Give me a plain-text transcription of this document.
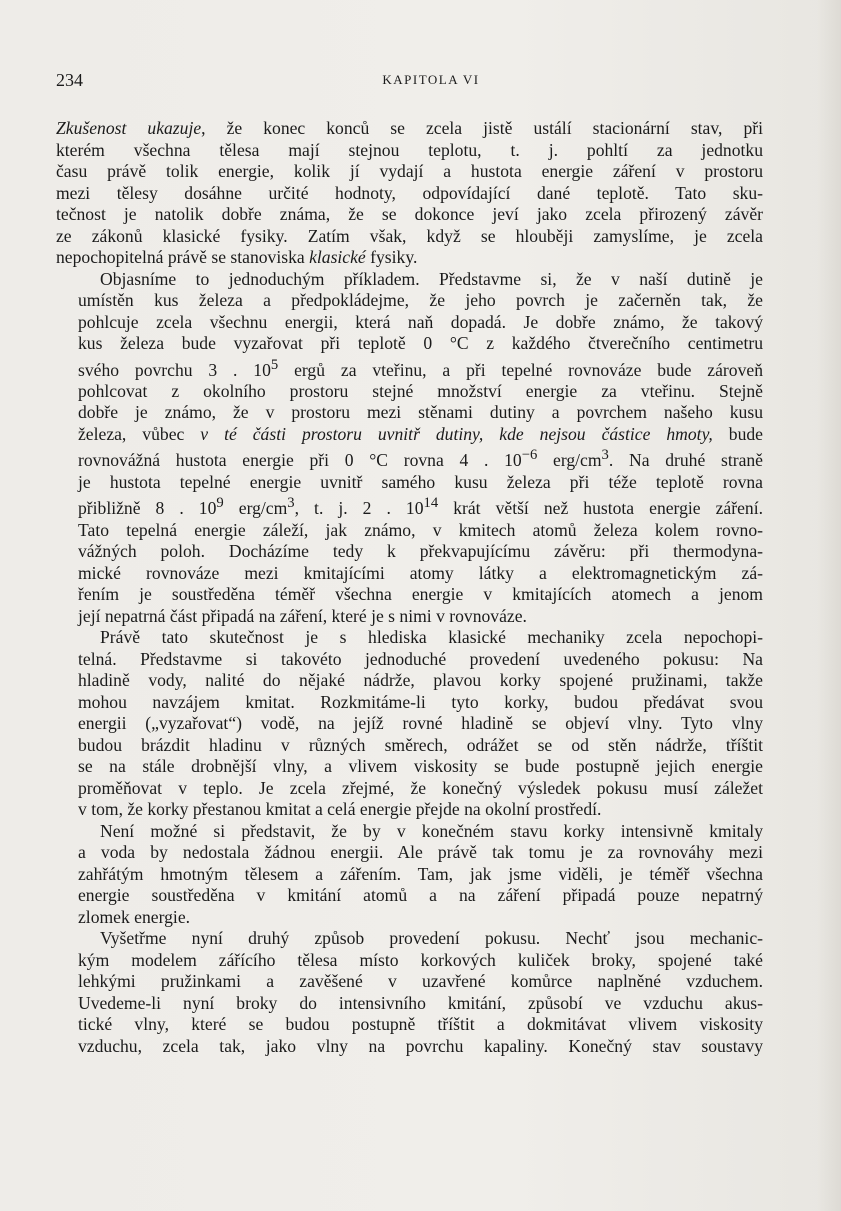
234	KAPITOLA VI

Zkušenost ukazuje, že konec konců se zcela jistě ustálí stacionární stav, při
kterém všechna tělesa mají stejnou teplotu, t. j. pohltí za jednotku
času právě tolik energie, kolik jí vydají a hustota energie záření v prostoru
mezi tělesy dosáhne určité hodnoty, odpovídající dané teplotě. Tato sku-
tečnost je natolik dobře známa, že se dokonce jeví jako zcela přirozený závěr
ze zákonů klasické fysiky. Zatím však, když se hlouběji zamyslíme, je zcela
nepochopitelná právě se stanoviska klasické fysiky.

Objasníme to jednoduchým příkladem. Představme si, že v naší dutině je
umístěn kus železa a předpokládejme, že jeho povrch je začerněn tak, že
pohlcuje zcela všechnu energii, která naň dopadá. Je dobře známo, že takový
kus železa bude vyzařovat při teplotě 0 °C z každého čtverečního centimetru
svého povrchu 3 . $10^5$ ergů za vteřinu, a při tepelné rovnováze bude zároveň
pohlcovat z okolního prostoru stejné množství energie za vteřinu. Stejně
dobře je známo, že v prostoru mezi stěnami dutiny a povrchem našeho kusu
železa, vůbec v té části prostoru uvnitř dutiny, kde nejsou částice hmoty, bude
rovnovážná hustota energie při 0 °C rovna 4 . $10^{-6}$ erg/$cm^3$. Na druhé straně
je hustota tepelné energie uvnitř samého kusu železa při téže teplotě rovna
přibližně 8 . $10^9$ erg/$cm^3$, t. j. 2 . $10^{14}$ krát větší než hustota energie záření.
Tato tepelná energie záleží, jak známo, v kmitech atomů železa kolem rovno-
vážných poloh. Docházíme tedy k překvapujícímu závěru: při thermodyna-
mické rovnováze mezi kmitajícími atomy látky a elektromagnetickým zá-
řením je soustředěna téměř všechna energie v kmitajících atomech a jenom
její nepatrná část připadá na záření, které je s nimi v rovnováze.

Právě tato skutečnost je s hlediska klasické mechaniky zcela nepochopi-
telná. Představme si takovéto jednoduché provedení uvedeného pokusu: Na
hladině vody, nalité do nějaké nádrže, plavou korky spojené pružinami, takže
mohou navzájem kmitat. Rozkmitáme-li tyto korky, budou předávat svou
energii („vyzařovat“) vodě, na jejíž rovné hladině se objeví vlny. Tyto vlny
budou brázdit hladinu v různých směrech, odrážet se od stěn nádrže, tříštit
se na stále drobnější vlny, a vlivem viskosity se bude postupně jejich energie
proměňovat v teplo. Je zcela zřejmé, že konečný výsledek pokusu musí záležet
v tom, že korky přestanou kmitat a celá energie přejde na okolní prostředí.

Není možné si představit, že by v konečném stavu korky intensivně kmitaly
a voda by nedostala žádnou energii. Ale právě tak tomu je za rovnováhy mezi
zahřátým hmotným tělesem a zářením. Tam, jak jsme viděli, je téměř všechna
energie soustředěna v kmitání atomů a na záření připadá pouze nepatrný
zlomek energie.

Vyšetřme nyní druhý způsob provedení pokusu. Nechť jsou mechanic-
kým modelem zářícího tělesa místo korkových kuliček broky, spojené také
lehkými pružinkami a zavěšené v uzavřené komůrce naplněné vzduchem.
Uvedeme-li nyní broky do intensivního kmitání, způsobí ve vzduchu akus-
tické vlny, které se budou postupně tříštit a dokmitávat vlivem viskosity
vzduchu, zcela tak, jako vlny na povrchu kapaliny. Konečný stav soustavy
